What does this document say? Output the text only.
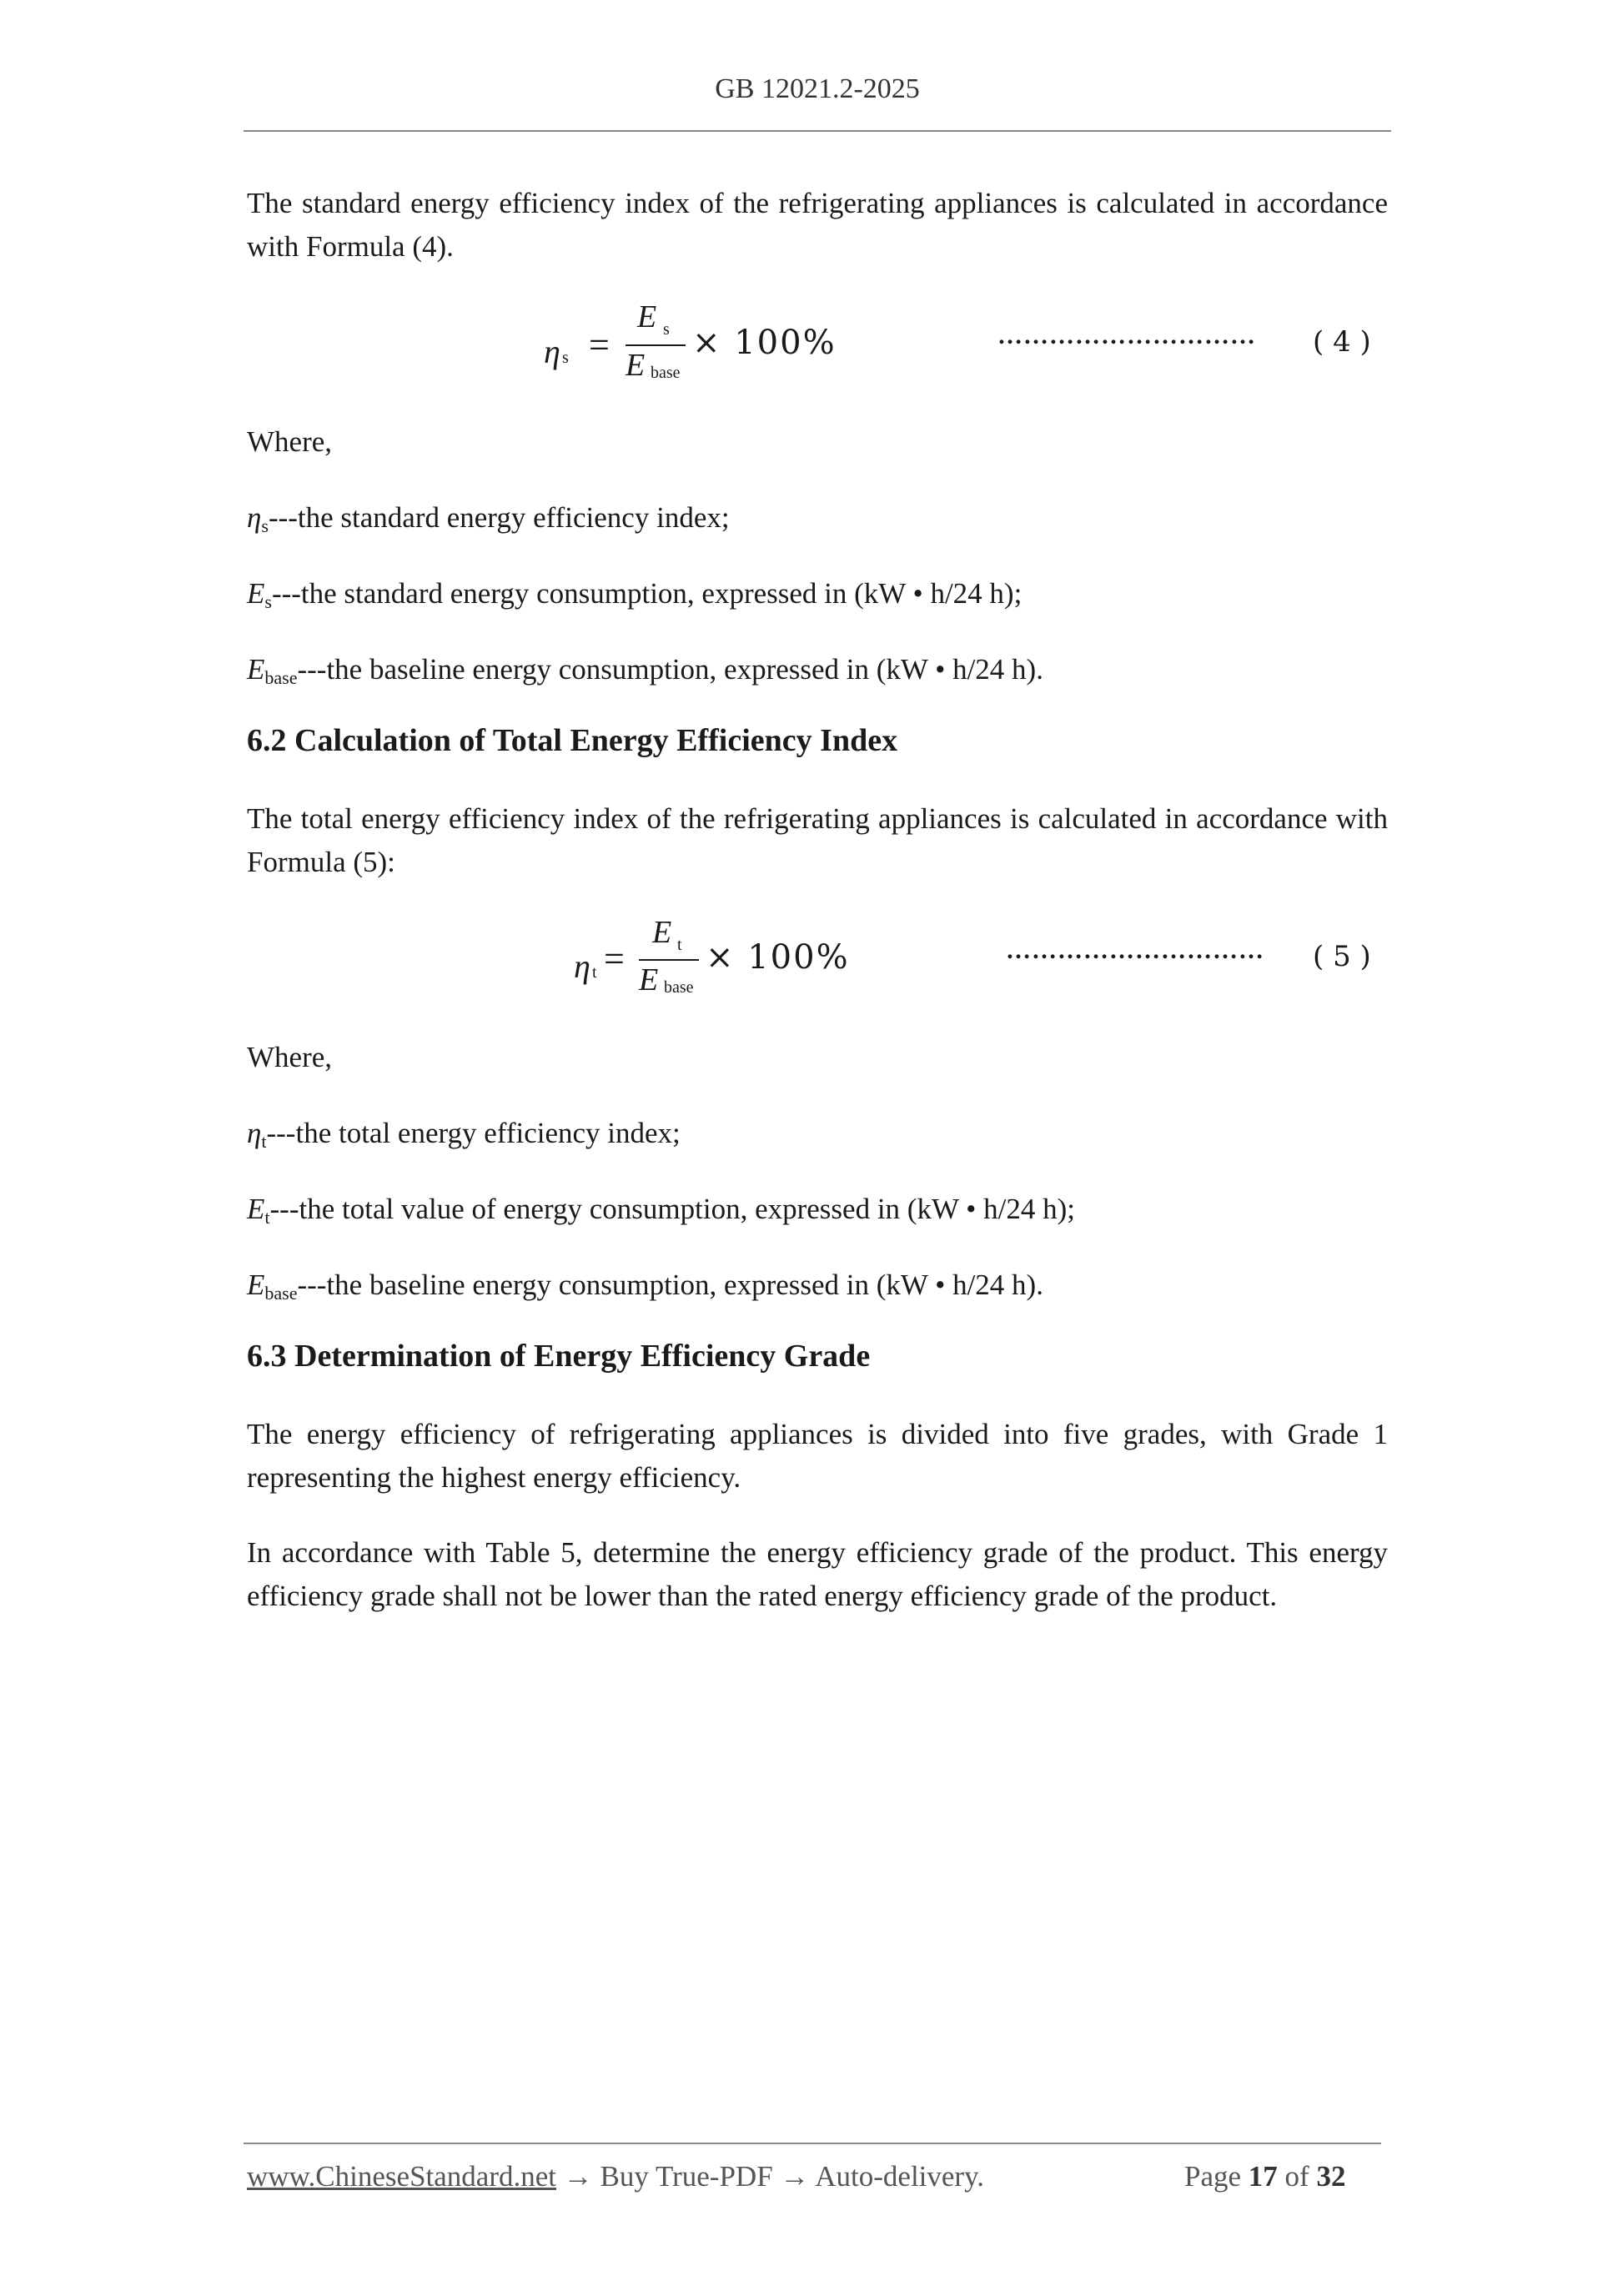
GB 12021.2-2025
The standard energy efficiency index of the refrigerating appliances is calculated in accordance with Formula (4).
η s =
E s
E base
× 100%	………………………… ( 4 )
Where,
$\eta_s--$-the standard energy efficiency index;
$E_s--$-the standard energy consumption, expressed in (kW • h/24 h);
$E_{base}--$-the baseline energy consumption, expressed in (kW • h/24 h).
6.2 Calculation of Total Energy Efficiency Index
The total energy efficiency index of the refrigerating appliances is calculated in accordance with Formula (5):
η t =
E t
E base
× 100%	………………………… ( 5 )
Where,
$\eta_t--$-the total energy efficiency index;
$E_t--$-the total value of energy consumption, expressed in (kW • h/24 h);
$E_{base}--$-the baseline energy consumption, expressed in (kW • h/24 h).
6.3 Determination of Energy Efficiency Grade
The energy efficiency of refrigerating appliances is divided into five grades, with Grade 1 representing the highest energy efficiency.
In accordance with Table 5, determine the energy efficiency grade of the product. This energy efficiency grade shall not be lower than the rated energy efficiency grade of the product.
www.ChineseStandard.net → Buy True-PDF → Auto-delivery.	Page 17 of 32
